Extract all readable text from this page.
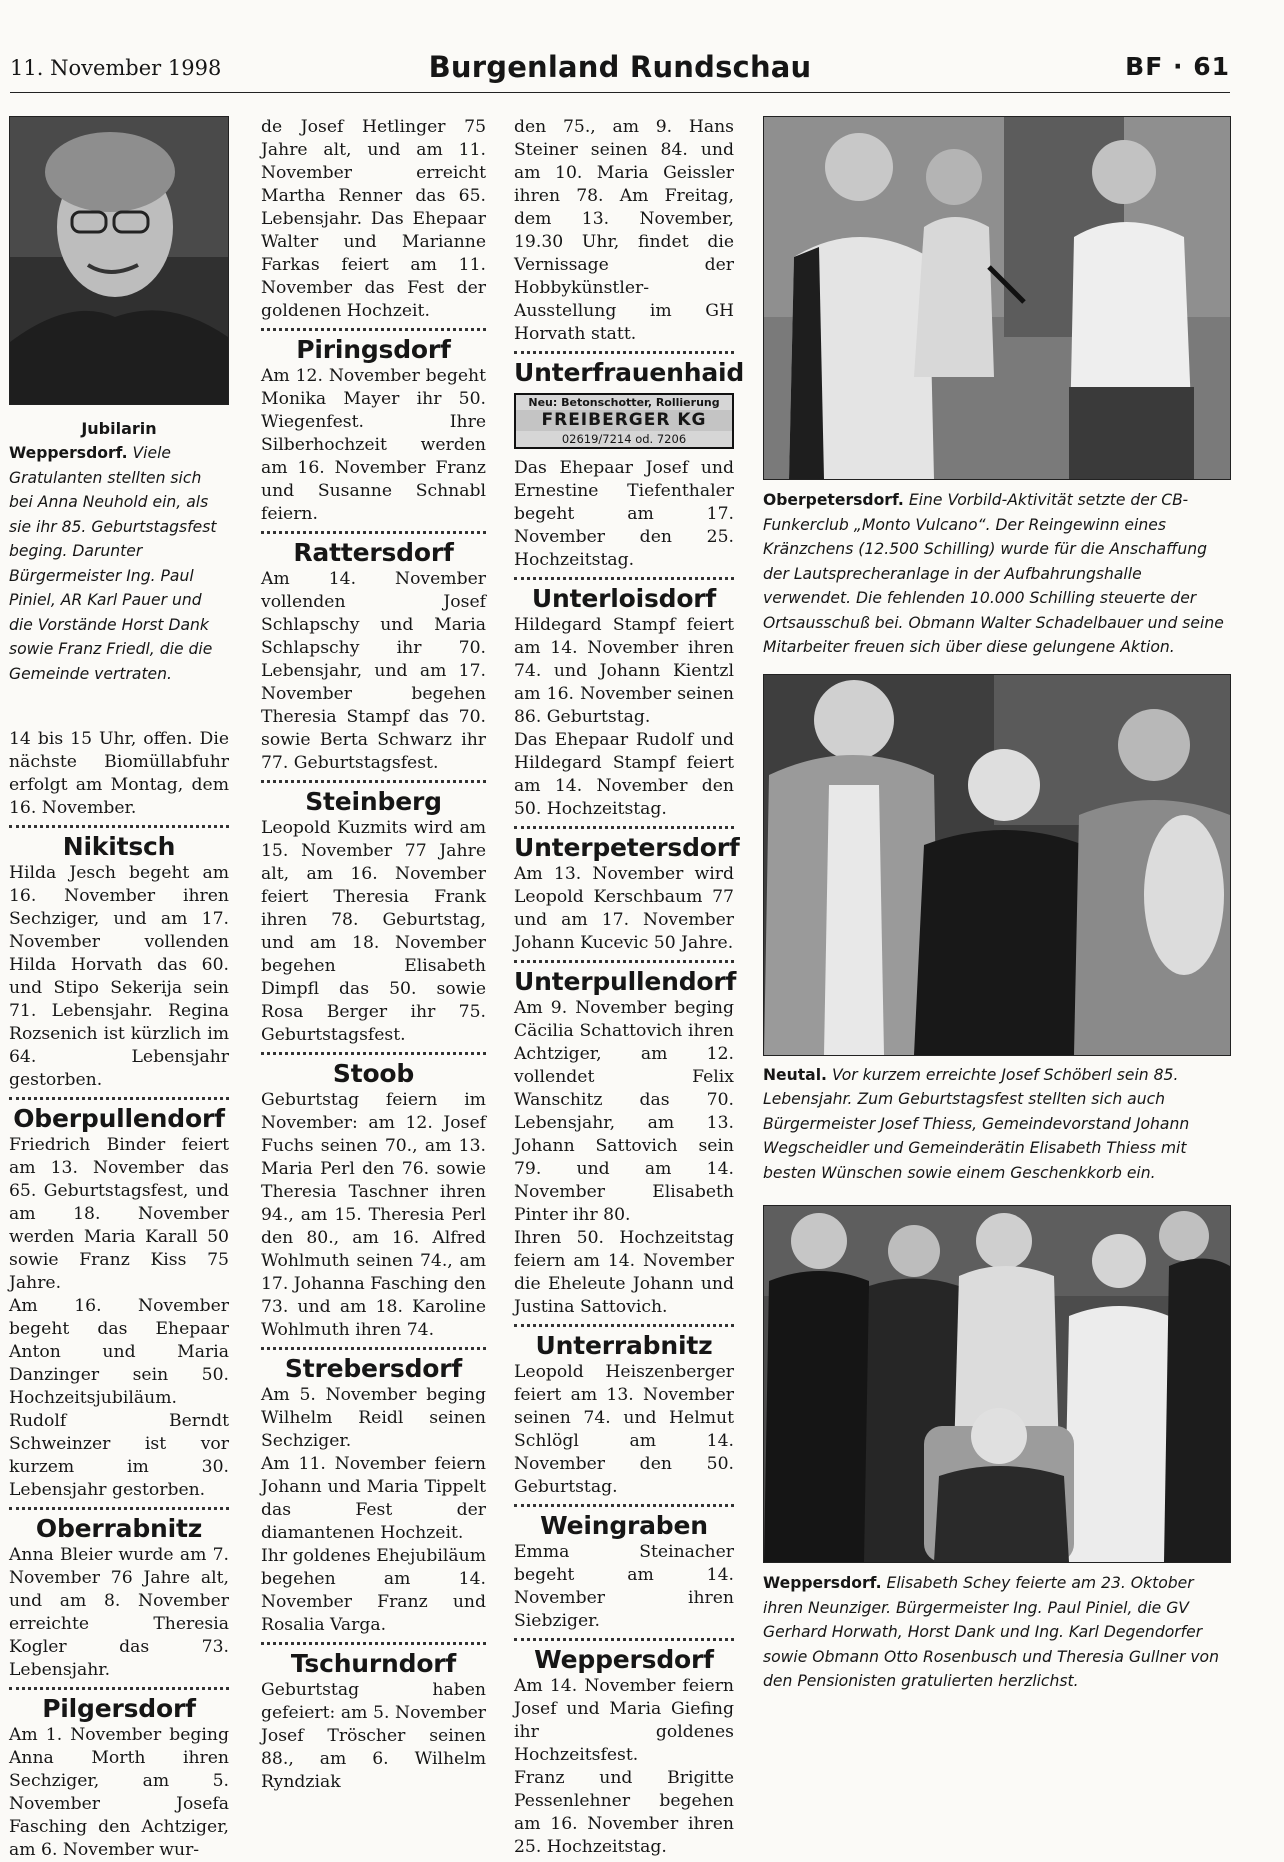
11. November 1998	Burgenland Rundschau	BF · 61
Jubilarin
Weppersdorf. Viele Gratulanten stellten sich bei Anna Neuhold ein, als sie ihr 85. Geburtstagsfest beging. Darunter Bürgermeister Ing. Paul Piniel, AR Karl Pauer und die Vorstände Horst Dank sowie Franz Friedl, die die Gemeinde vertraten.

14 bis 15 Uhr, offen. Die nächste Biomüllabfuhr erfolgt am Montag, dem 16. November.

Nikitsch

Hilda Jesch begeht am 16. November ihren Sechziger, und am 17. November vollenden Hilda Horvath das 60. und Stipo Sekerija sein 71. Lebensjahr. Regina Rozsenich ist kürzlich im 64. Lebensjahr gestorben.

Oberpullendorf

Friedrich Binder feiert am 13. November das 65. Geburtstagsfest, und am 18. November werden Maria Karall 50 sowie Franz Kiss 75 Jahre.

Am 16. November begeht das Ehepaar Anton und Maria Danzinger sein 50. Hochzeitsjubiläum.

Rudolf Berndt Schweinzer ist vor kurzem im 30. Lebensjahr gestorben.

Oberrabnitz

Anna Bleier wurde am 7. November 76 Jahre alt, und am 8. November erreichte Theresia Kogler das 73. Lebensjahr.

Pilgersdorf

Am 1. November beging Anna Morth ihren Sechziger, am 5. November Josefa Fasching den Achtziger, am 6. November wur-

de Josef Hetlinger 75 Jahre alt, und am 11. November erreicht Martha Renner das 65. Lebensjahr. Das Ehepaar Walter und Marianne Farkas feiert am 11. November das Fest der goldenen Hochzeit.

Piringsdorf

Am 12. November begeht Monika Mayer ihr 50. Wiegenfest. Ihre Silberhochzeit werden am 16. November Franz und Susanne Schnabl feiern.

Rattersdorf

Am 14. November vollenden Josef Schlapschy und Maria Schlapschy ihr 70. Lebensjahr, und am 17. November begehen Theresia Stampf das 70. sowie Berta Schwarz ihr 77. Geburtstagsfest.

Steinberg

Leopold Kuzmits wird am 15. November 77 Jahre alt, am 16. November feiert Theresia Frank ihren 78. Geburtstag, und am 18. November begehen Elisabeth Dimpfl das 50. sowie Rosa Berger ihr 75. Geburtstagsfest.

Stoob

Geburtstag feiern im November: am 12. Josef Fuchs seinen 70., am 13. Maria Perl den 76. sowie Theresia Taschner ihren 94., am 15. Theresia Perl den 80., am 16. Alfred Wohlmuth seinen 74., am 17. Johanna Fasching den 73. und am 18. Karoline Wohlmuth ihren 74.

Strebersdorf

Am 5. November beging Wilhelm Reidl seinen Sechziger.

Am 11. November feiern Johann und Maria Tippelt das Fest der diamantenen Hochzeit.

Ihr goldenes Ehejubiläum begehen am 14. November Franz und Rosalia Varga.

Tschurndorf

Geburtstag haben gefeiert: am 5. November Josef Tröscher seinen 88., am 6. Wilhelm Ryndziak

den 75., am 9. Hans Steiner seinen 84. und am 10. Maria Geissler ihren 78. Am Freitag, dem 13. November, 19.30 Uhr, findet die Vernissage der Hobbykünstler-Ausstellung im GH Horvath statt.

Unterfrauenhaid
Neu: Betonschotter, Rollierung
FREIBERGER KG
02619/7214 od. 7206

Das Ehepaar Josef und Ernestine Tiefenthaler begeht am 17. November den 25. Hochzeitstag.

Unterloisdorf

Hildegard Stampf feiert am 14. November ihren 74. und Johann Kientzl am 16. November seinen 86. Geburtstag.

Das Ehepaar Rudolf und Hildegard Stampf feiert am 14. November den 50. Hochzeitstag.

Unterpetersdorf

Am 13. November wird Leopold Kerschbaum 77 und am 17. November Johann Kucevic 50 Jahre.

Unterpullendorf

Am 9. November beging Cäcilia Schattovich ihren Achtziger, am 12. vollendet Felix Wanschitz das 70. Lebensjahr, am 13. Johann Sattovich sein 79. und am 14. November Elisabeth Pinter ihr 80.

Ihren 50. Hochzeitstag feiern am 14. November die Eheleute Johann und Justina Sattovich.

Unterrabnitz

Leopold Heiszenberger feiert am 13. November seinen 74. und Helmut Schlögl am 14. November den 50. Geburtstag.

Weingraben

Emma Steinacher begeht am 14. November ihren Siebziger.

Weppersdorf

Am 14. November feiern Josef und Maria Giefing ihr goldenes Hochzeitsfest.

Franz und Brigitte Pessenlehner begehen am 16. November ihren 25. Hochzeitstag.

Oberpetersdorf. Eine Vorbild-Aktivität setzte der CB-Funkerclub „Monto Vulcano“. Der Reingewinn eines Kränzchens (12.500 Schilling) wurde für die Anschaffung der Lautsprecheranlage in der Aufbahrungshalle verwendet. Die fehlenden 10.000 Schilling steuerte der Ortsausschuß bei. Obmann Walter Schadelbauer und seine Mitarbeiter freuen sich über diese gelungene Aktion.
Neutal. Vor kurzem erreichte Josef Schöberl sein 85. Lebensjahr. Zum Geburtstagsfest stellten sich auch Bürgermeister Josef Thiess, Gemeindevorstand Johann Wegscheidler und Gemeinderätin Elisabeth Thiess mit besten Wünschen sowie einem Geschenkkorb ein.
Weppersdorf. Elisabeth Schey feierte am 23. Oktober ihren Neunziger. Bürgermeister Ing. Paul Piniel, die GV Gerhard Horwath, Horst Dank und Ing. Karl Degendorfer sowie Obmann Otto Rosenbusch und Theresia Gullner von den Pensionisten gratulierten herzlichst.
